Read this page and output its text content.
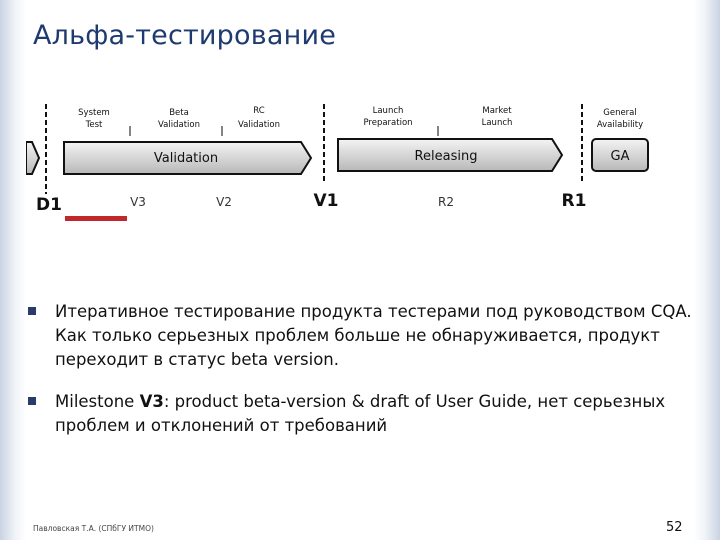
Альфа-тестирование
System
Test
Beta
Validation
RC
Validation
Launch
Preparation
Market
Launch
General
Availability
Validation	Releasing	GA
D1	V3	V2	V1	R2	R1
Итеративное тестирование продукта тестерами под руководством CQA. Как только серьезных проблем больше не обнаруживается, продукт переходит в статус beta version.
Milestone V3: product beta-version & draft of User Guide, нет серьезных проблем и отклонений от требований
Павловская Т.А. (СПбГУ ИТМО)	52
